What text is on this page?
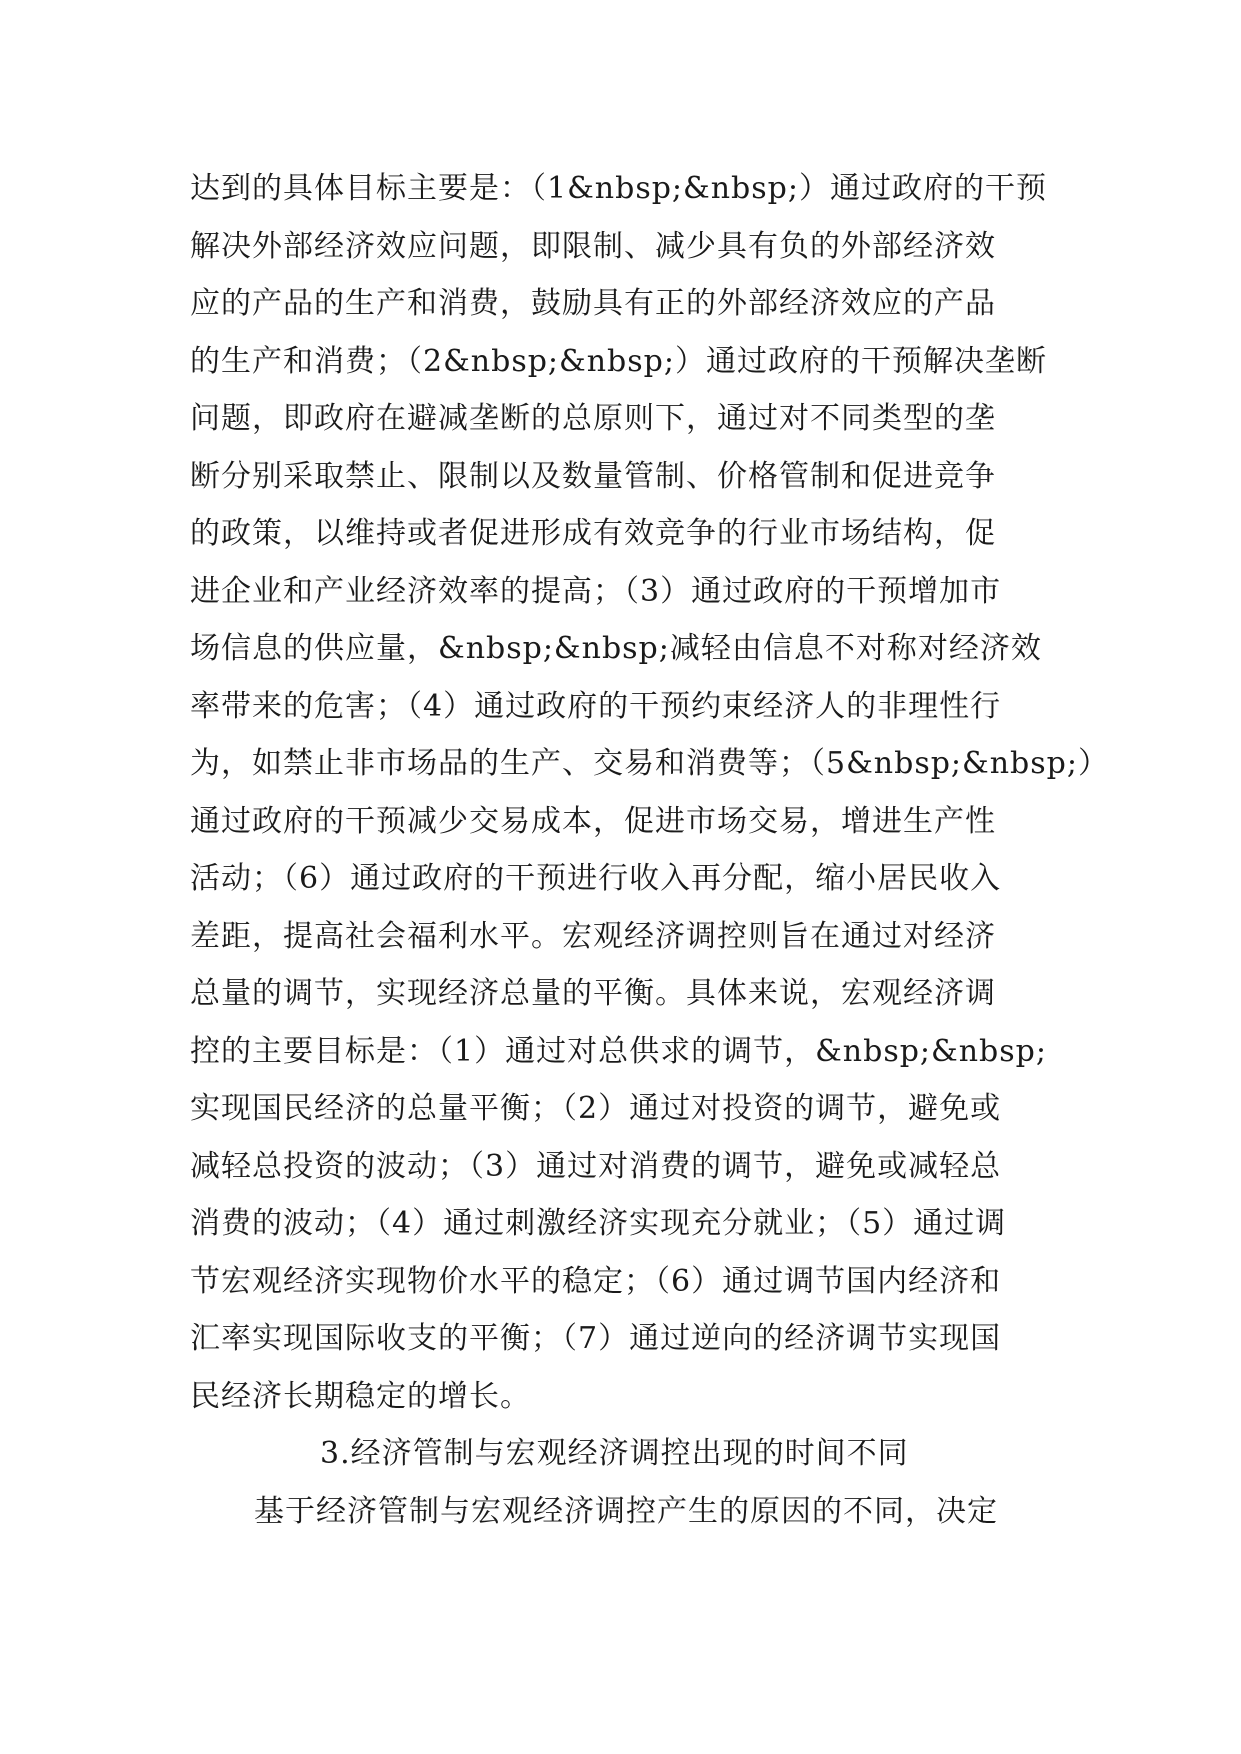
达到的具体目标主要是：（1&nbsp;&nbsp;）通过政府的干预
解决外部经济效应问题，即限制、减少具有负的外部经济效
应的产品的生产和消费，鼓励具有正的外部经济效应的产品
的生产和消费；（2&nbsp;&nbsp;）通过政府的干预解决垄断
问题，即政府在避减垄断的总原则下，通过对不同类型的垄
断分别采取禁止、限制以及数量管制、价格管制和促进竞争
的政策，以维持或者促进形成有效竞争的行业市场结构，促
进企业和产业经济效率的提高；（3）通过政府的干预增加市
场信息的供应量，&nbsp;&nbsp;减轻由信息不对称对经济效
率带来的危害；（4）通过政府的干预约束经济人的非理性行
为，如禁止非市场品的生产、交易和消费等；（5&nbsp;&nbsp;）
通过政府的干预减少交易成本，促进市场交易，增进生产性
活动；（6）通过政府的干预进行收入再分配，缩小居民收入
差距，提高社会福利水平。宏观经济调控则旨在通过对经济
总量的调节，实现经济总量的平衡。具体来说，宏观经济调
控的主要目标是：（1）通过对总供求的调节，&nbsp;&nbsp;
实现国民经济的总量平衡；（2）通过对投资的调节，避免或
减轻总投资的波动；（3）通过对消费的调节，避免或减轻总
消费的波动；（4）通过刺激经济实现充分就业；（5）通过调
节宏观经济实现物价水平的稳定；（6）通过调节国内经济和
汇率实现国际收支的平衡；（7）通过逆向的经济调节实现国
民经济长期稳定的增长。
3.经济管制与宏观经济调控出现的时间不同
基于经济管制与宏观经济调控产生的原因的不同，决定
